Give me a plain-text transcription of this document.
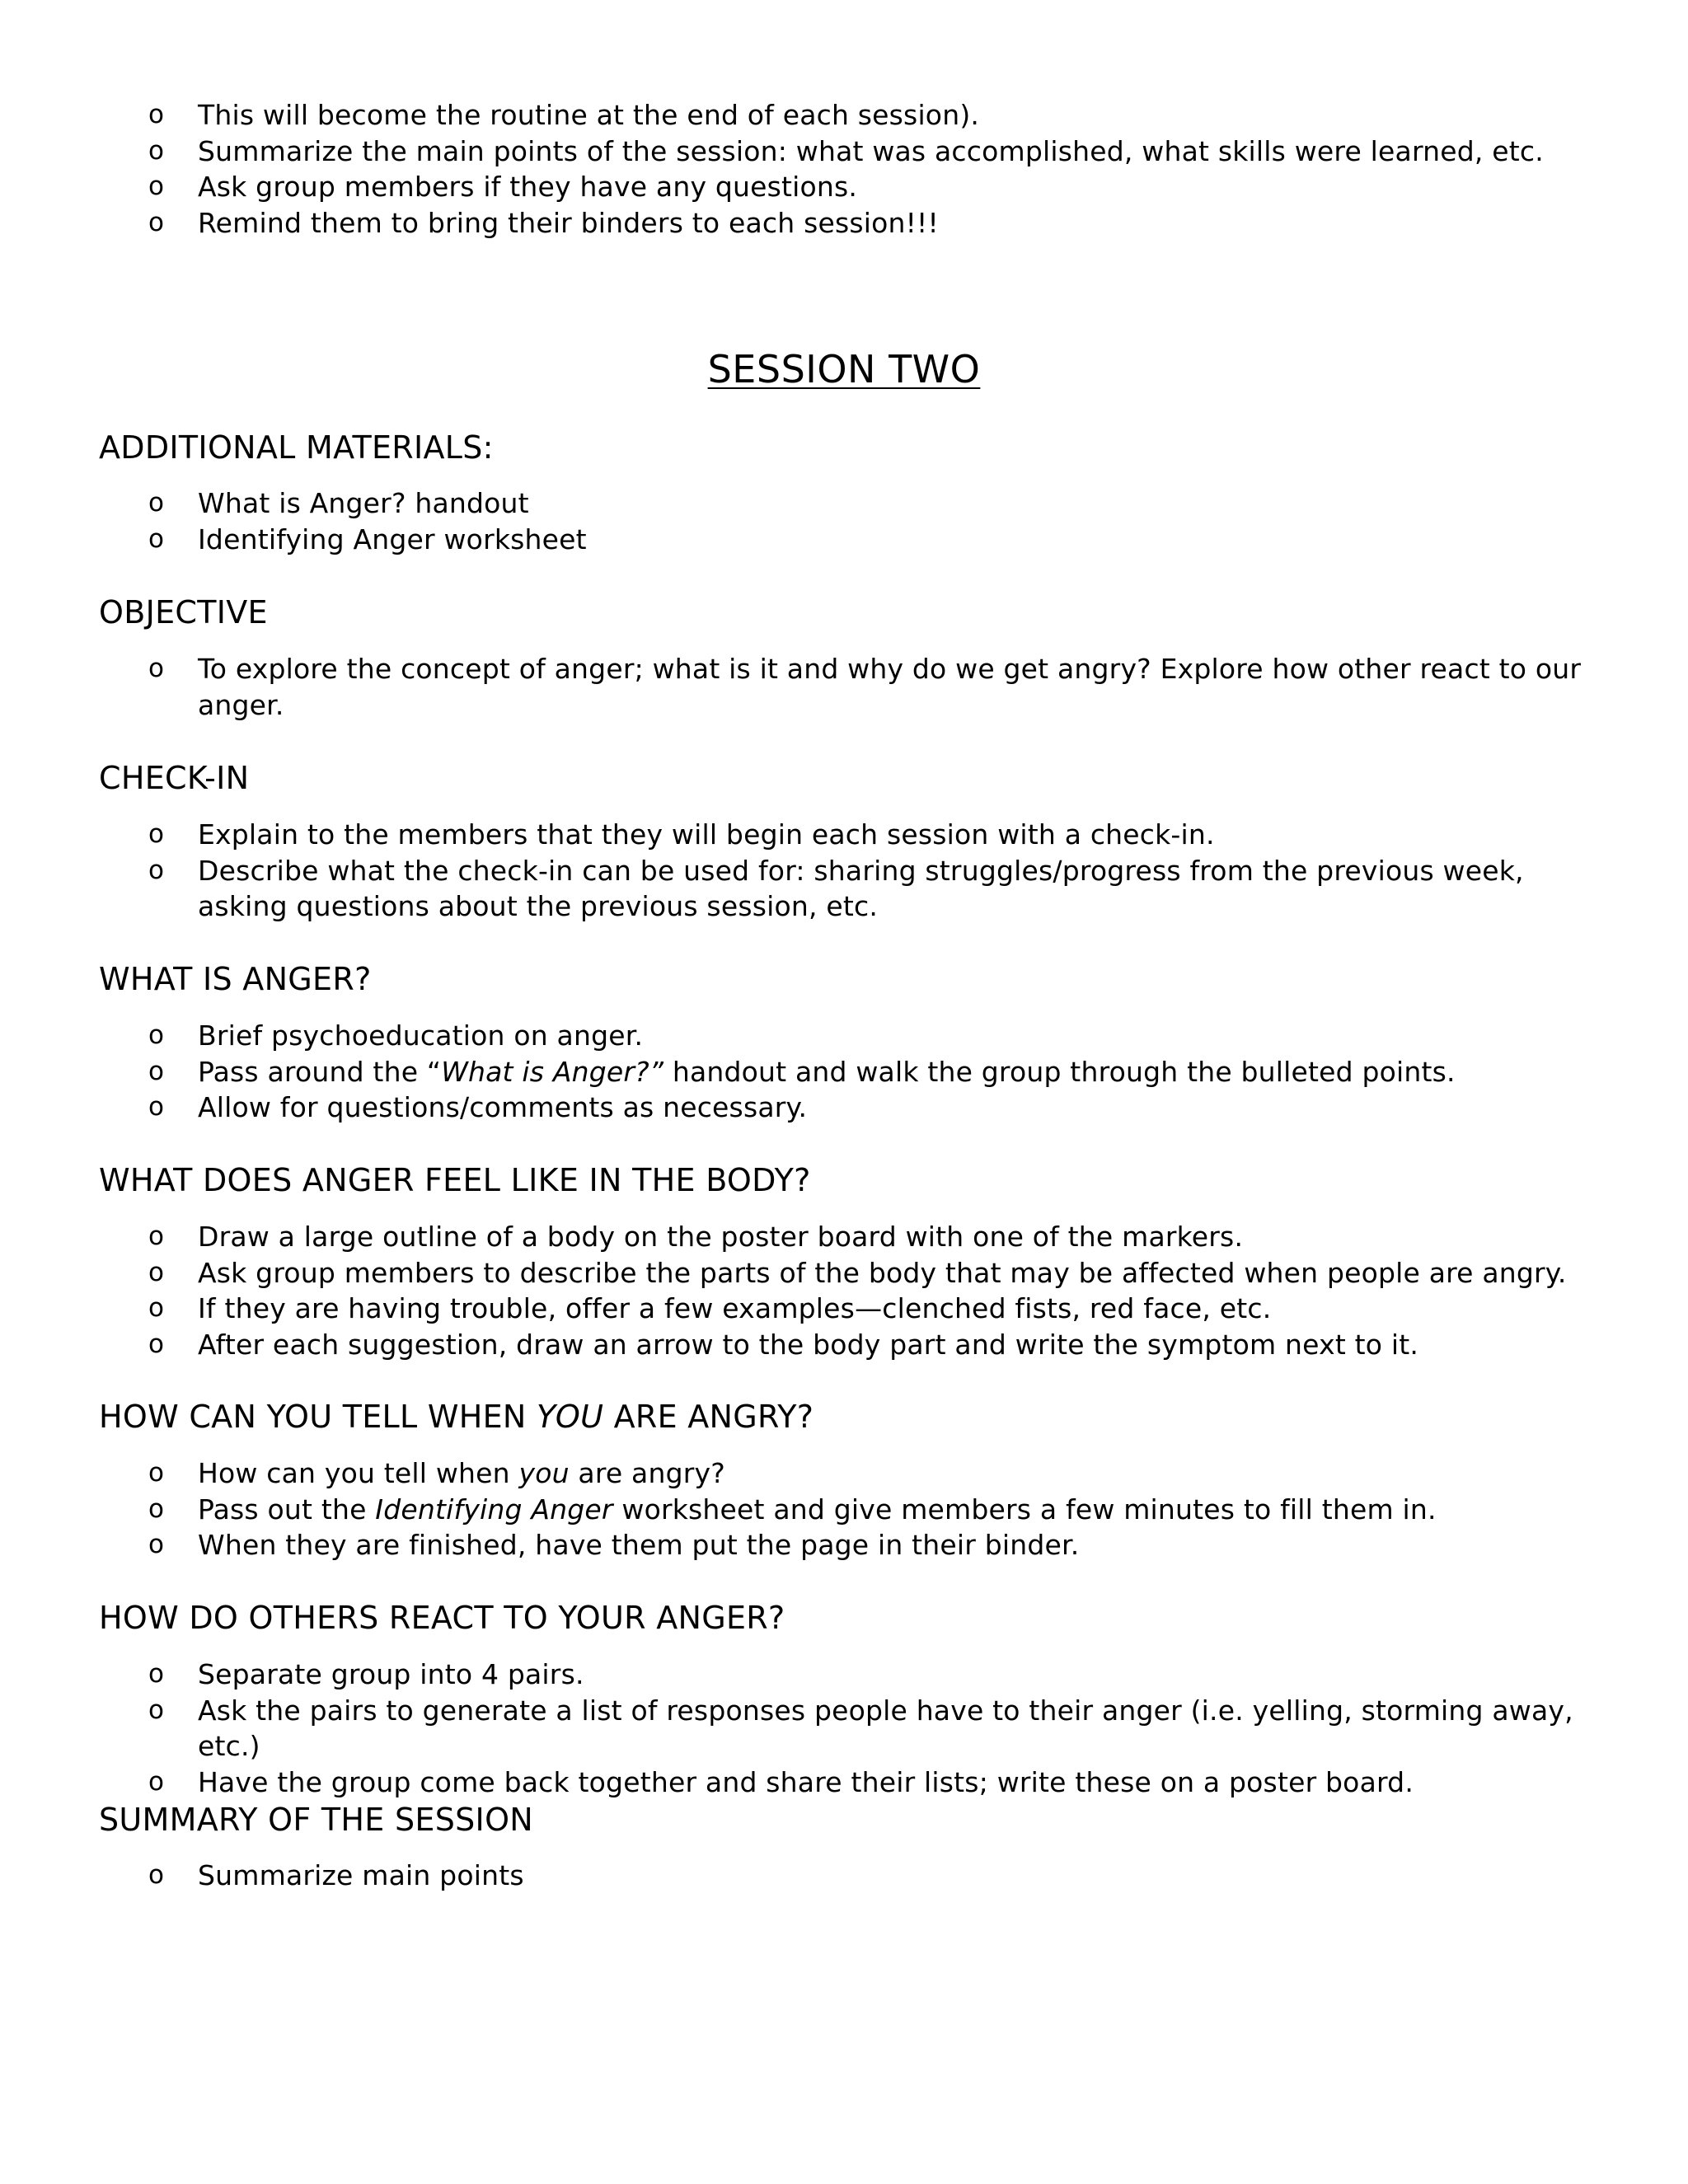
o This will become the routine at the end of each session).
o Summarize the main points of the session: what was accomplished, what skills were learned, etc.
o Ask group members if they have any questions.
o Remind them to bring their binders to each session!!!
SESSION TWO
ADDITIONAL MATERIALS:
o What is Anger? handout
o Identifying Anger worksheet
OBJECTIVE
o To explore the concept of anger; what is it and why do we get angry? Explore how other react to our anger.
CHECK-IN
o Explain to the members that they will begin each session with a check-in.
o Describe what the check-in can be used for: sharing struggles/progress from the previous week, asking questions about the previous session, etc.
WHAT IS ANGER?
o Brief psychoeducation on anger.
o Pass around the “What is Anger?” handout and walk the group through the bulleted points.
o Allow for questions/comments as necessary.
WHAT DOES ANGER FEEL LIKE IN THE BODY?
o Draw a large outline of a body on the poster board with one of the markers.
o Ask group members to describe the parts of the body that may be affected when people are angry.
o If they are having trouble, offer a few examples—clenched fists, red face, etc.
o After each suggestion, draw an arrow to the body part and write the symptom next to it.
HOW CAN YOU TELL WHEN YOU ARE ANGRY?
o How can you tell when you are angry?
o Pass out the Identifying Anger worksheet and give members a few minutes to fill them in.
o When they are finished, have them put the page in their binder.
HOW DO OTHERS REACT TO YOUR ANGER?
o Separate group into 4 pairs.
o Ask the pairs to generate a list of responses people have to their anger (i.e. yelling, storming away, etc.)
o Have the group come back together and share their lists; write these on a poster board.
SUMMARY OF THE SESSION
o Summarize main points
